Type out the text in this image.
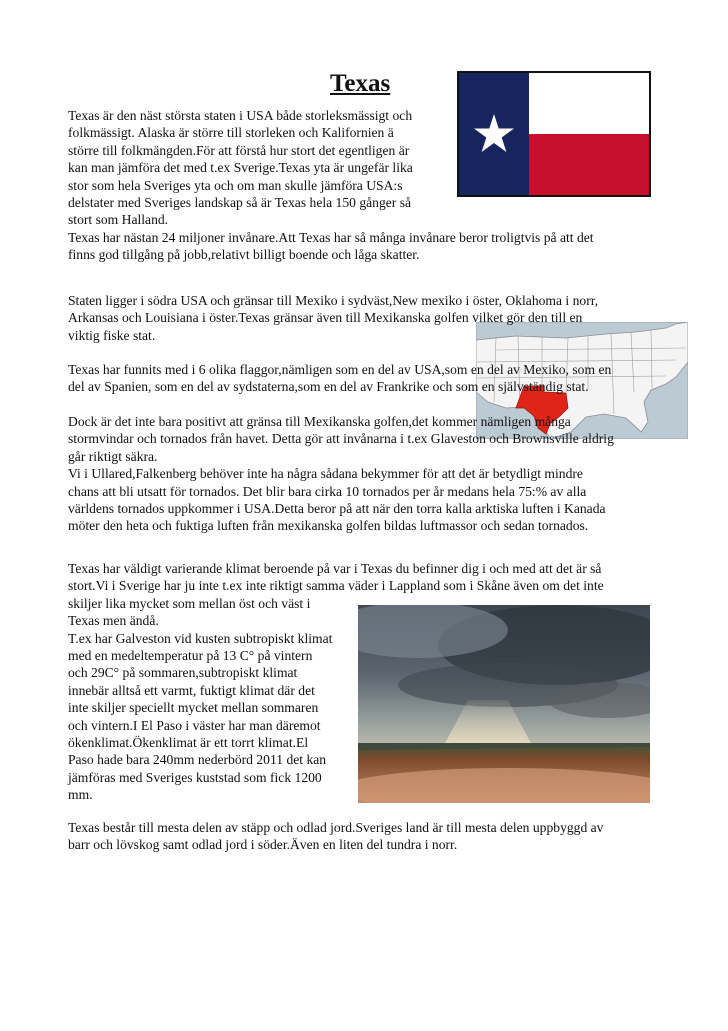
Texas
Texas är den näst största staten i USA både storleksmässigt och
folkmässigt. Alaska är större till storleken och Kalifornien ä
större till folkmängden.För att förstå hur stort det egentligen är
kan man jämföra det med t.ex Sverige.Texas yta är ungefär lika
stor som hela Sveriges yta och om man skulle jämföra USA:s
delstater med Sveriges landskap så är Texas hela 150 gånger så
stort som Halland.
Texas har nästan 24 miljoner invånare.Att Texas har så många invånare beror troligtvis på att det
finns god tillgång på jobb,relativt billigt boende och låga skatter.
Staten ligger i södra USA och gränsar till Mexiko i sydväst,New mexiko i öster, Oklahoma i norr,
Arkansas och Louisiana i öster.Texas gränsar även till Mexikanska golfen vilket gör den till en
viktig fiske stat.
Texas har funnits med i 6 olika flaggor,nämligen som en del av USA,som en del av Mexiko, som en
del av Spanien, som en del av sydstaterna,som en del av Frankrike och som en självständig stat.
Dock är det inte bara positivt att gränsa till Mexikanska golfen,det kommer nämligen många
stormvindar och tornados från havet. Detta gör att invånarna i t.ex Glaveston och Brownsville aldrig
går riktigt säkra.
Vi i Ullared,Falkenberg behöver inte ha några sådana bekymmer för att det är betydligt mindre
chans att bli utsatt för tornados. Det blir bara cirka 10 tornados per år medans hela 75:% av alla
världens tornados uppkommer i USA.Detta beror på att när den torra kalla arktiska luften i Kanada
möter den heta och fuktiga luften från mexikanska golfen bildas luftmassor och sedan tornados.
Texas har väldigt varierande klimat beroende på var i Texas du befinner dig i och med att det är så
stort.Vi i Sverige har ju inte t.ex inte riktigt samma väder i Lappland som i Skåne även om det inte
skiljer lika mycket som mellan öst och väst i
Texas men ändå.
T.ex har Galveston vid kusten subtropiskt klimat
med en medeltemperatur på 13 C° på vintern
och 29C° på sommaren,subtropiskt klimat
innebär alltså ett varmt, fuktigt klimat där det
inte skiljer speciellt mycket mellan sommaren
och vintern.I El Paso i väster har man däremot
ökenklimat.Ökenklimat är ett torrt klimat.El
Paso hade bara 240mm nederbörd 2011 det kan
jämföras med Sveriges kuststad som fick 1200
mm.
Texas består till mesta delen av stäpp och odlad jord.Sveriges land är till mesta delen uppbyggd av
barr och lövskog samt odlad jord i söder.Även en liten del tundra i norr.
